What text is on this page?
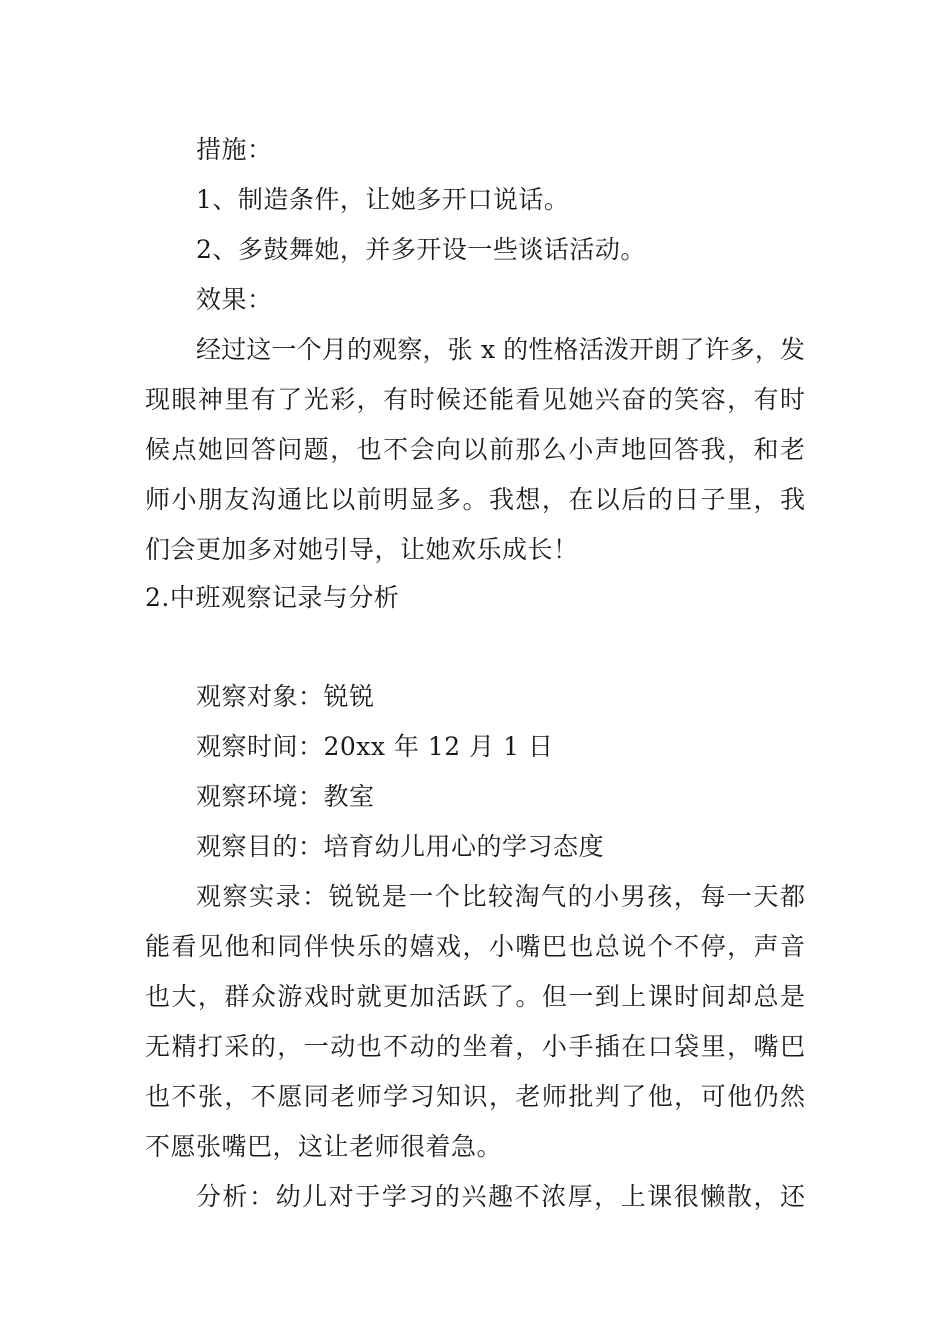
措施：
1、制造条件，让她多开口说话。
2、多鼓舞她，并多开设一些谈话活动。
效果：
经过这一个月的观察，张 x 的性格活泼开朗了许多，发
现眼神里有了光彩，有时候还能看见她兴奋的笑容，有时
候点她回答问题，也不会向以前那么小声地回答我，和老
师小朋友沟通比以前明显多。我想，在以后的日子里，我
们会更加多对她引导，让她欢乐成长！
2.中班观察记录与分析
观察对象：锐锐
观察时间：20xx 年 12 月 1 日
观察环境：教室
观察目的：培育幼儿用心的学习态度
观察实录：锐锐是一个比较淘气的小男孩，每一天都
能看见他和同伴快乐的嬉戏，小嘴巴也总说个不停，声音
也大，群众游戏时就更加活跃了。但一到上课时间却总是
无精打采的，一动也不动的坐着，小手插在口袋里，嘴巴
也不张，不愿同老师学习知识，老师批判了他，可他仍然
不愿张嘴巴，这让老师很着急。
分析：幼儿对于学习的兴趣不浓厚，上课很懒散，还
